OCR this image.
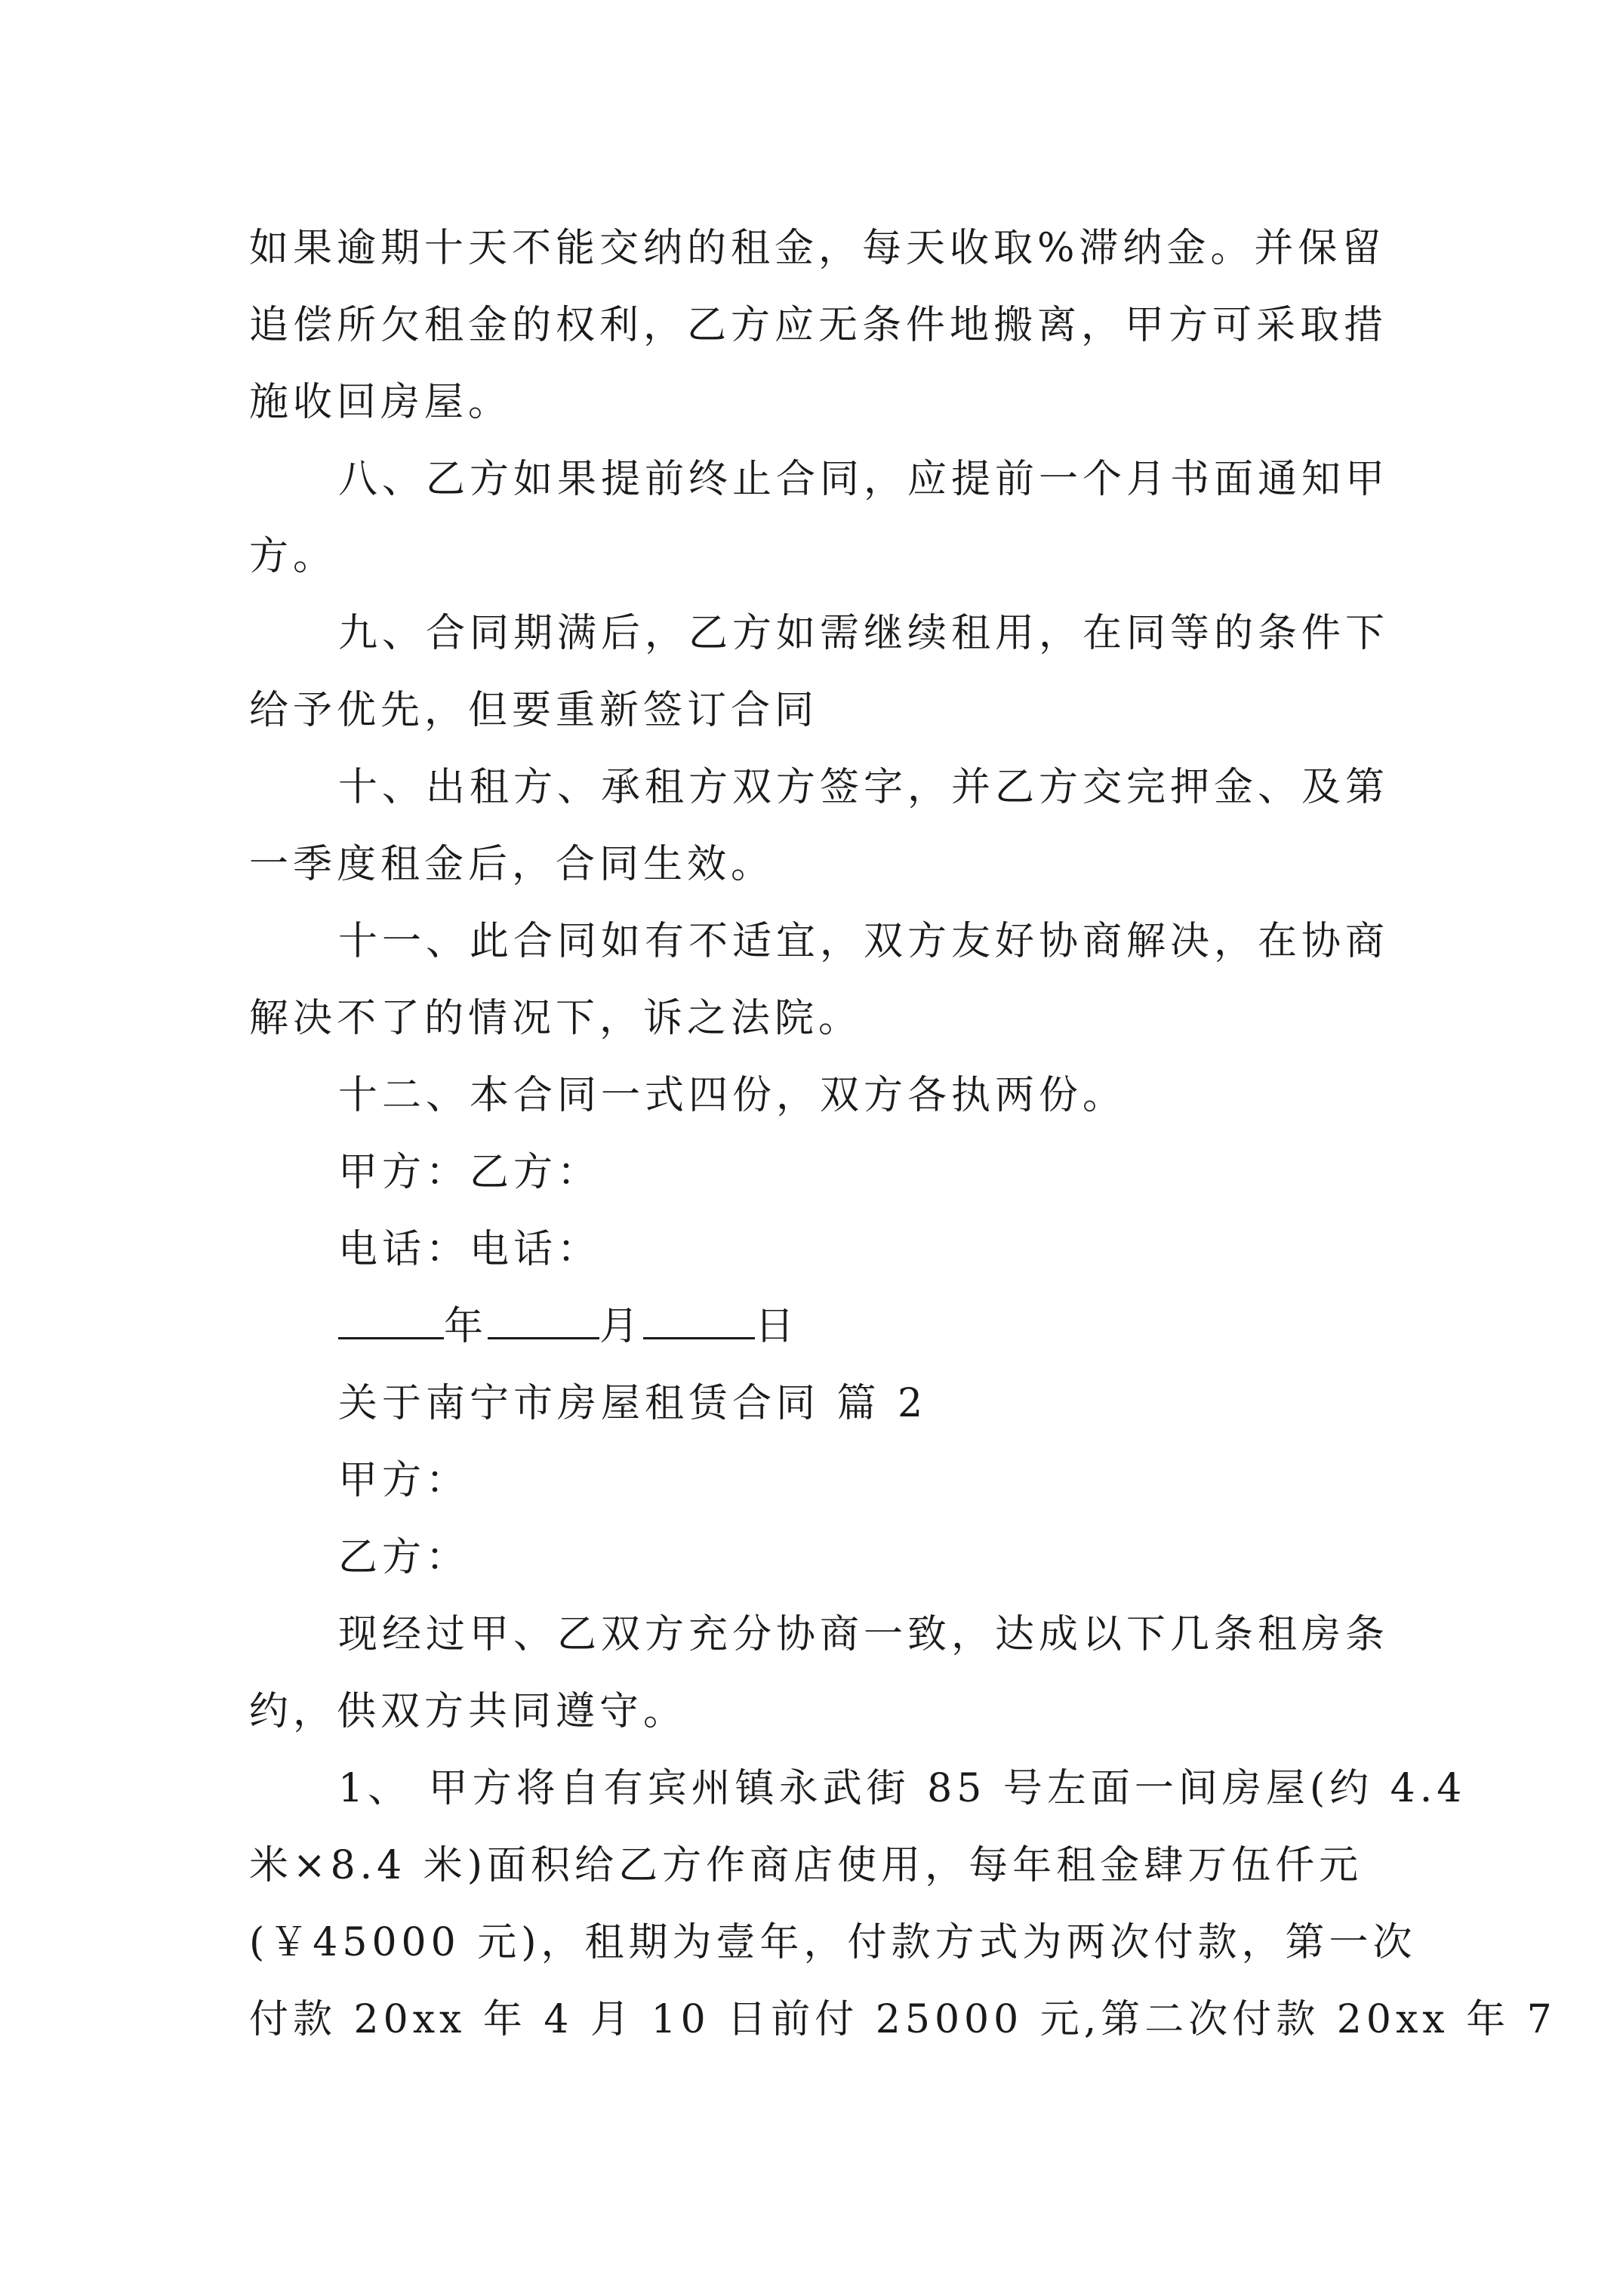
如果逾期十天不能交纳的租金，每天收取%滞纳金。并保留
追偿所欠租金的权利，乙方应无条件地搬离，甲方可采取措
施收回房屋。
八、乙方如果提前终止合同，应提前一个月书面通知甲
方。
九、合同期满后，乙方如需继续租用，在同等的条件下
给予优先，但要重新签订合同
十、出租方、承租方双方签字，并乙方交完押金、及第
一季度租金后，合同生效。
十一、此合同如有不适宜，双方友好协商解决，在协商
解决不了的情况下，诉之法院。
十二、本合同一式四份，双方各执两份。
甲方：乙方：
电话：电话：
年	月	日
关于南宁市房屋租赁合同 篇 2
甲方：
乙方：
现经过甲、乙双方充分协商一致，达成以下几条租房条
约，供双方共同遵守。
1、 甲方将自有宾州镇永武街 85 号左面一间房屋(约 4.4
米×8.4 米)面积给乙方作商店使用，每年租金肆万伍仟元
(￥45000 元)，租期为壹年，付款方式为两次付款，第一次
付款 20xx 年 4 月 10 日前付 25000 元,第二次付款 20xx 年 7
